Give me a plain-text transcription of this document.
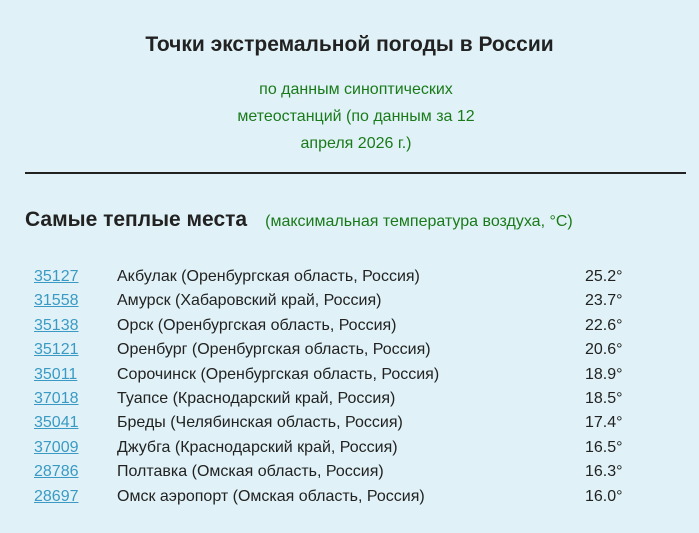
Точки экстремальной погоды в России
по данным синоптических
метеостанций (по данным за 12
апреля 2026 г.)
Самые теплые места (максимальная температура воздуха, °C)
35127 Акбулак (Оренбургская область, Россия)	25.2°
31558 Амурск (Хабаровский край, Россия)	23.7°
35138 Орск (Оренбургская область, Россия)	22.6°
35121 Оренбург (Оренбургская область, Россия)	20.6°
35011 Сорочинск (Оренбургская область, Россия)	18.9°
37018 Туапсе (Краснодарский край, Россия)	18.5°
35041 Бреды (Челябинская область, Россия)	17.4°
37009 Джубга (Краснодарский край, Россия)	16.5°
28786 Полтавка (Омская область, Россия)	16.3°
28697 Омск аэропорт (Омская область, Россия)	16.0°
